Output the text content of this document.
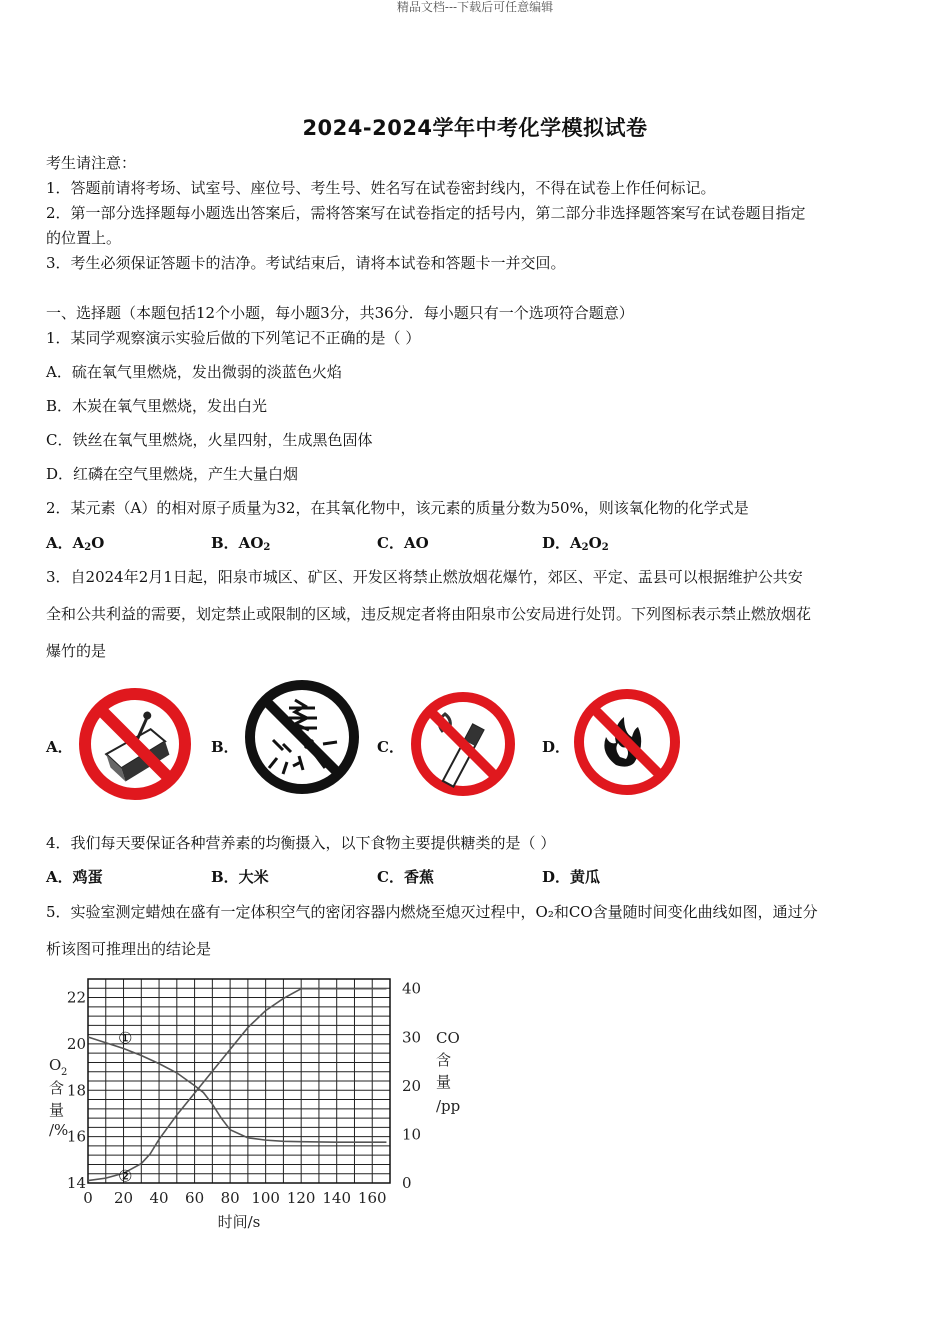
精品文档---下载后可任意编辑
2024-2024学年中考化学模拟试卷
考生请注意：
1．答题前请将考场、试室号、座位号、考生号、姓名写在试卷密封线内，不得在试卷上作任何标记。
2．第一部分选择题每小题选出答案后，需将答案写在试卷指定的括号内，第二部分非选择题答案写在试卷题目指定
的位置上。
3．考生必须保证答题卡的洁净。考试结束后，请将本试卷和答题卡一并交回。
一、选择题（本题包括12个小题，每小题3分，共36分．每小题只有一个选项符合题意）
1．某同学观察演示实验后做的下列笔记不正确的是（ ）
A．硫在氧气里燃烧，发出微弱的淡蓝色火焰
B．木炭在氧气里燃烧，发出白光
C．铁丝在氧气里燃烧，火星四射，生成黑色固体
D．红磷在空气里燃烧，产生大量白烟
2．某元素（A）的相对原子质量为32，在其氧化物中，该元素的质量分数为50%，则该氧化物的化学式是
A．$A_2O$	B．$AO_2$	C．AO	D．$A_2O_2$
3．自2024年2月1日起，阳泉市城区、矿区、开发区将禁止燃放烟花爆竹，郊区、平定、盂县可以根据维护公共安
全和公共利益的需要，划定禁止或限制的区域，违反规定者将由阳泉市公安局进行处罚。下列图标表示禁止燃放烟花
爆竹的是
A．	B．	C．	D．
4．我们每天要保证各种营养素的均衡摄入，以下食物主要提供糖类的是（ ）
A．鸡蛋	B．大米	C．香蕉	D．黄瓜
5．实验室测定蜡烛在盛有一定体积空气的密闭容器内燃烧至熄灭过程中，O₂和CO含量随时间变化曲线如图，通过分
析该图可推理出的结论是
0 20 40 60 80 100 120 140 160
14
16
18
20
22
0
10
20
30
40
①
②
时间/s
O 2
含
量
/%
CO
含
量
/pp
